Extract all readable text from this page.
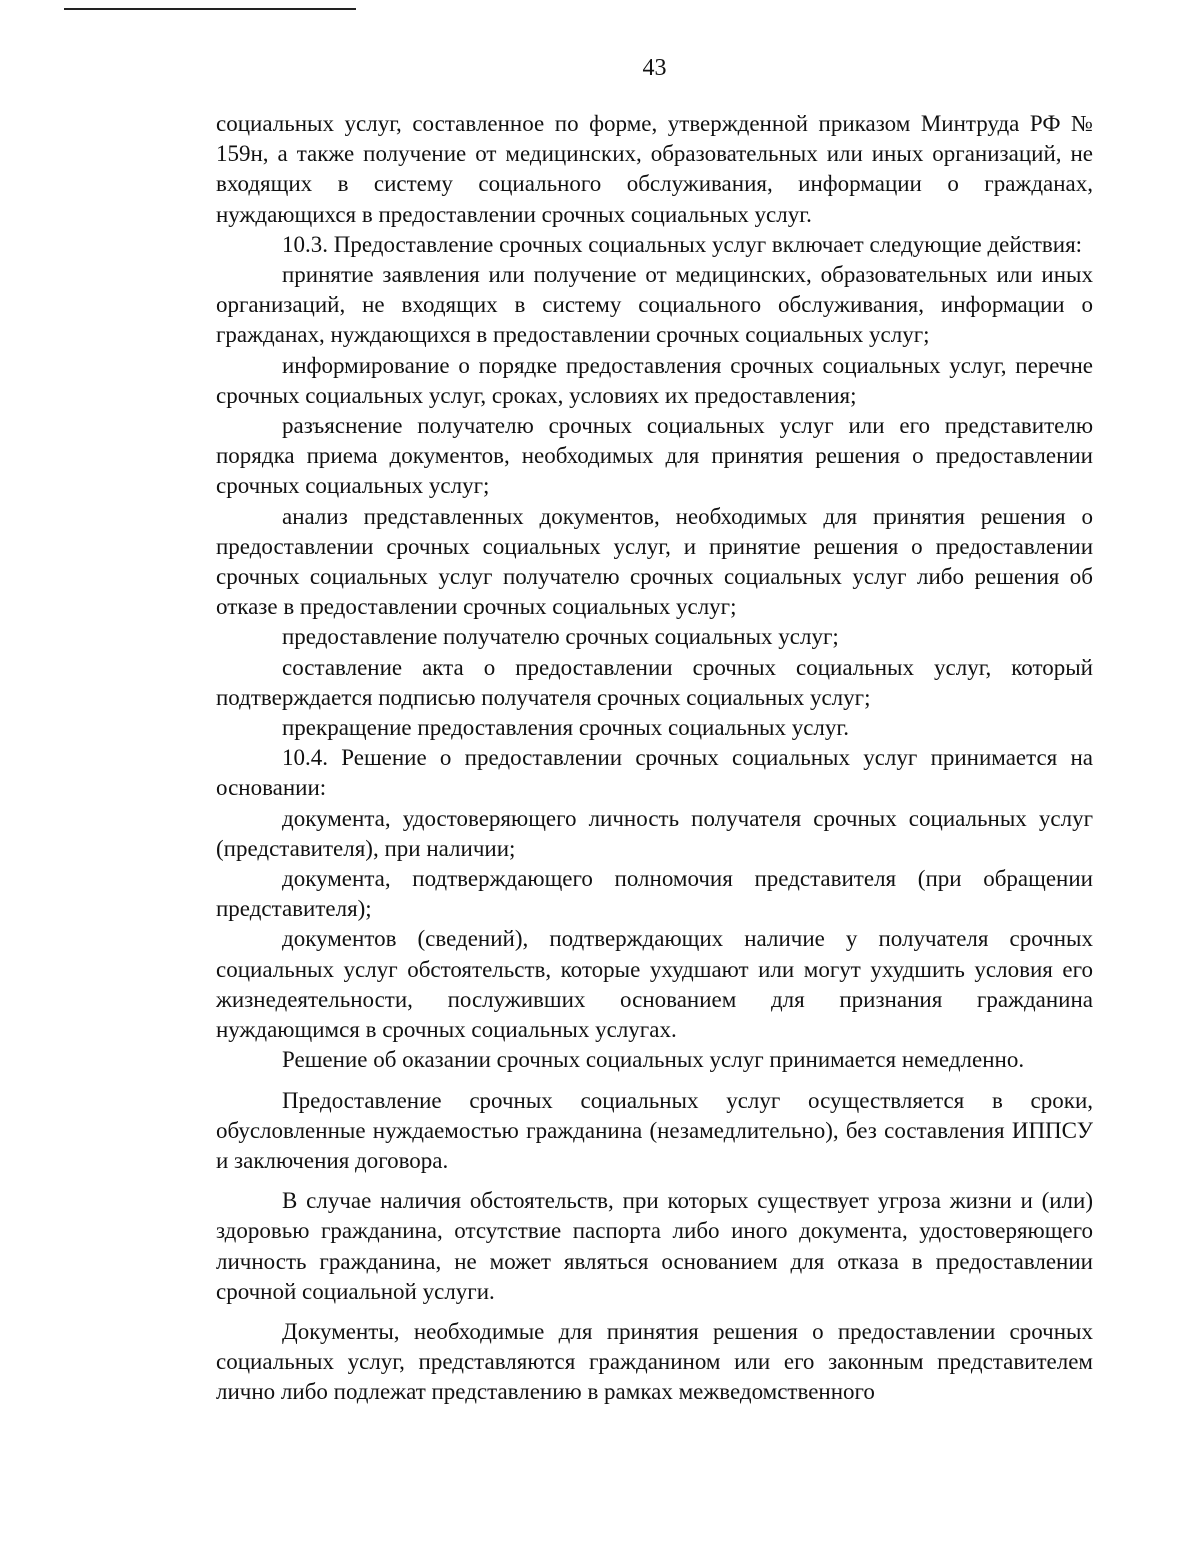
43

социальных услуг, составленное по форме, утвержденной приказом Минтруда РФ № 159н, а также получение от медицинских, образовательных или иных организаций, не входящих в систему социального обслуживания, информации о гражданах, нуждающихся в предоставлении срочных социальных услуг.

10.3. Предоставление срочных социальных услуг включает следующие действия:

принятие заявления или получение от медицинских, образовательных или иных организаций, не входящих в систему социального обслуживания, информации о гражданах, нуждающихся в предоставлении срочных социальных услуг;

информирование о порядке предоставления срочных социальных услуг, перечне срочных социальных услуг, сроках, условиях их предоставления;

разъяснение получателю срочных социальных услуг или его представителю порядка приема документов, необходимых для принятия решения о предоставлении срочных социальных услуг;

анализ представленных документов, необходимых для принятия решения о предоставлении срочных социальных услуг, и принятие решения о предоставлении срочных социальных услуг получателю срочных социальных услуг либо решения об отказе в предоставлении срочных социальных услуг;

предоставление получателю срочных социальных услуг;

составление акта о предоставлении срочных социальных услуг, который подтверждается подписью получателя срочных социальных услуг;

прекращение предоставления срочных социальных услуг.

10.4. Решение о предоставлении срочных социальных услуг принимается на основании:

документа, удостоверяющего личность получателя срочных социальных услуг (представителя), при наличии;

документа, подтверждающего полномочия представителя (при обращении представителя);

документов (сведений), подтверждающих наличие у получателя срочных социальных услуг обстоятельств, которые ухудшают или могут ухудшить условия его жизнедеятельности, послуживших основанием для признания гражданина нуждающимся в срочных социальных услугах.

Решение об оказании срочных социальных услуг принимается немедленно.

Предоставление срочных социальных услуг осуществляется в сроки, обусловленные нуждаемостью гражданина (незамедлительно), без составления ИППСУ и заключения договора.

В случае наличия обстоятельств, при которых существует угроза жизни и (или) здоровью гражданина, отсутствие паспорта либо иного документа, удостоверяющего личность гражданина, не может являться основанием для отказа в предоставлении срочной социальной услуги.

Документы, необходимые для принятия решения о предоставлении срочных социальных услуг, представляются гражданином или его законным представителем лично либо подлежат представлению в рамках межведомственного
